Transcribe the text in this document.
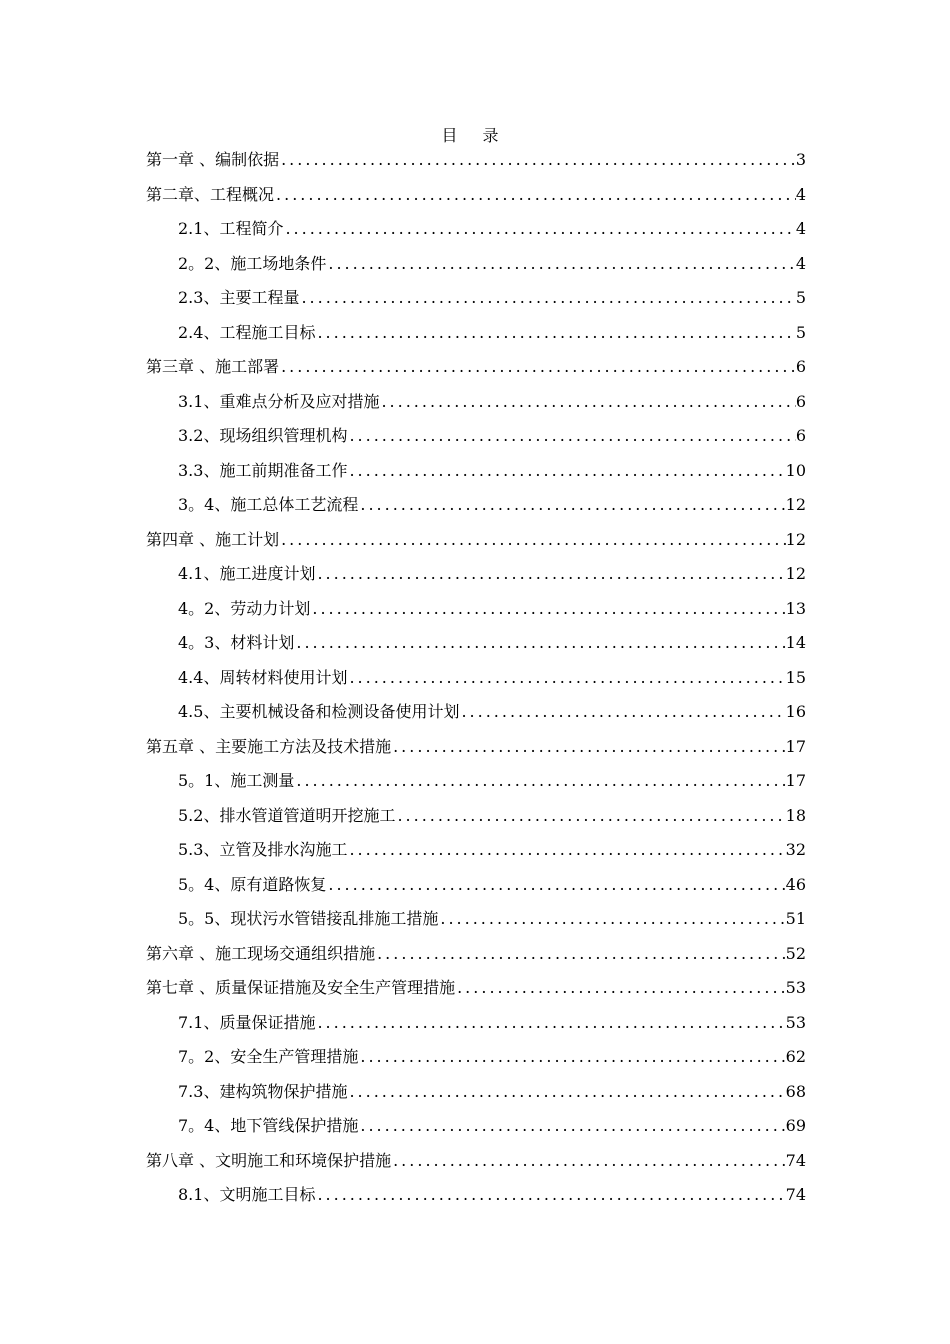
目 录
第一章 、编制依据 .....	3
第二章、工程概况 .....	4
2.1、工程简介 .....	4
2。2、施工场地条件 .....	4
2.3、主要工程量 .....	5
2.4、工程施工目标 .....	5
第三章 、施工部署 .....	6
3.1、重难点分析及应对措施 .....	6
3.2、现场组织管理机构 .....	6
3.3、施工前期准备工作 .....	10
3。4、施工总体工艺流程 .....	12
第四章 、施工计划 .....	12
4.1、施工进度计划 .....	12
4。2、劳动力计划 .....	13
4。3、材料计划 .....	14
4.4、周转材料使用计划 .....	15
4.5、主要机械设备和检测设备使用计划 .....	16
第五章 、主要施工方法及技术措施 .....	17
5。1、施工测量 .....	17
5.2、排水管道管道明开挖施工 .....	18
5.3、立管及排水沟施工 .....	32
5。4、原有道路恢复 .....	46
5。5、现状污水管错接乱排施工措施 .....	51
第六章 、施工现场交通组织措施 .....	52
第七章 、质量保证措施及安全生产管理措施 .....	53
7.1、质量保证措施 .....	53
7。2、安全生产管理措施 .....	62
7.3、建构筑物保护措施 .....	68
7。4、地下管线保护措施 .....	69
第八章 、文明施工和环境保护措施 .....	74
8.1、文明施工目标 .....	74
